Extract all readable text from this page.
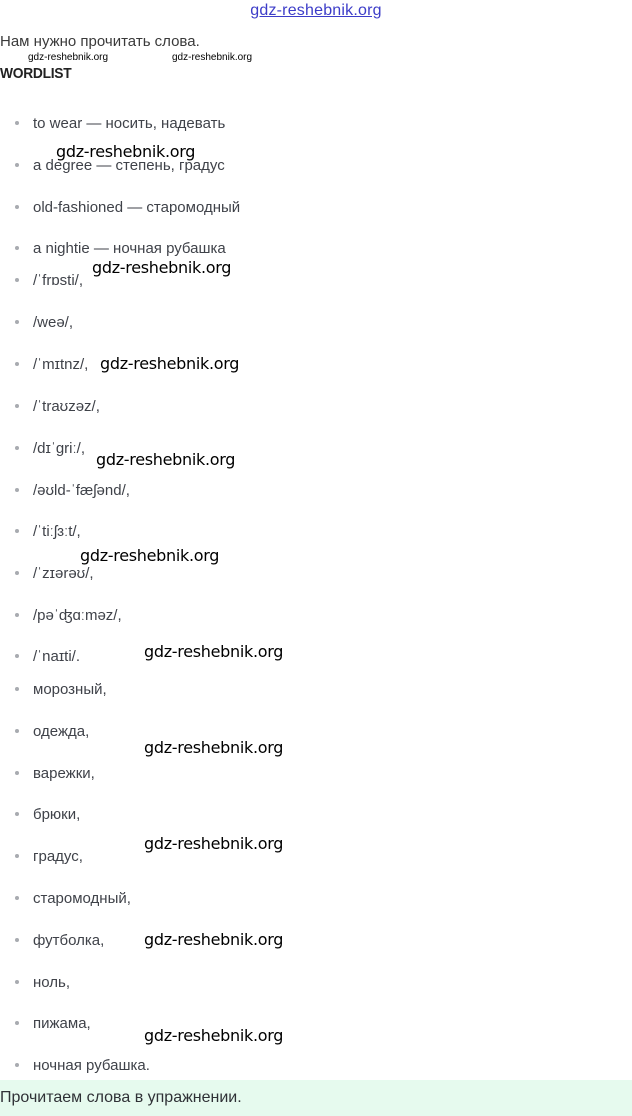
gdz-reshebnik.org
Нам нужно прочитать слова.
gdz-reshebnik.org	gdz-reshebnik.org
WORDLIST
to wear — носить, надевать
a degree — степень, градус
old-fashioned — старомодный
a nightie — ночная рубашка
/ˈfrɒsti/,
/weə/,
/ˈmɪtnz/,
/ˈtraʊzəz/,
/dɪˈgriː/,
/əʊld-ˈfæʃənd/,
/ˈtiːʃɜːt/,
/ˈzɪərəʊ/,
/pəˈʤɑːməz/,
/ˈnaɪti/.
морозный,
одежда,
варежки,
брюки,
градус,
старомодный,
футболка,
ноль,
пижама,
ночная рубашка.
gdz-reshebnik.org
gdz-reshebnik.org
gdz-reshebnik.org
gdz-reshebnik.org
gdz-reshebnik.org
gdz-reshebnik.org
gdz-reshebnik.org
gdz-reshebnik.org
gdz-reshebnik.org
gdz-reshebnik.org
Прочитаем слова в упражнении.
